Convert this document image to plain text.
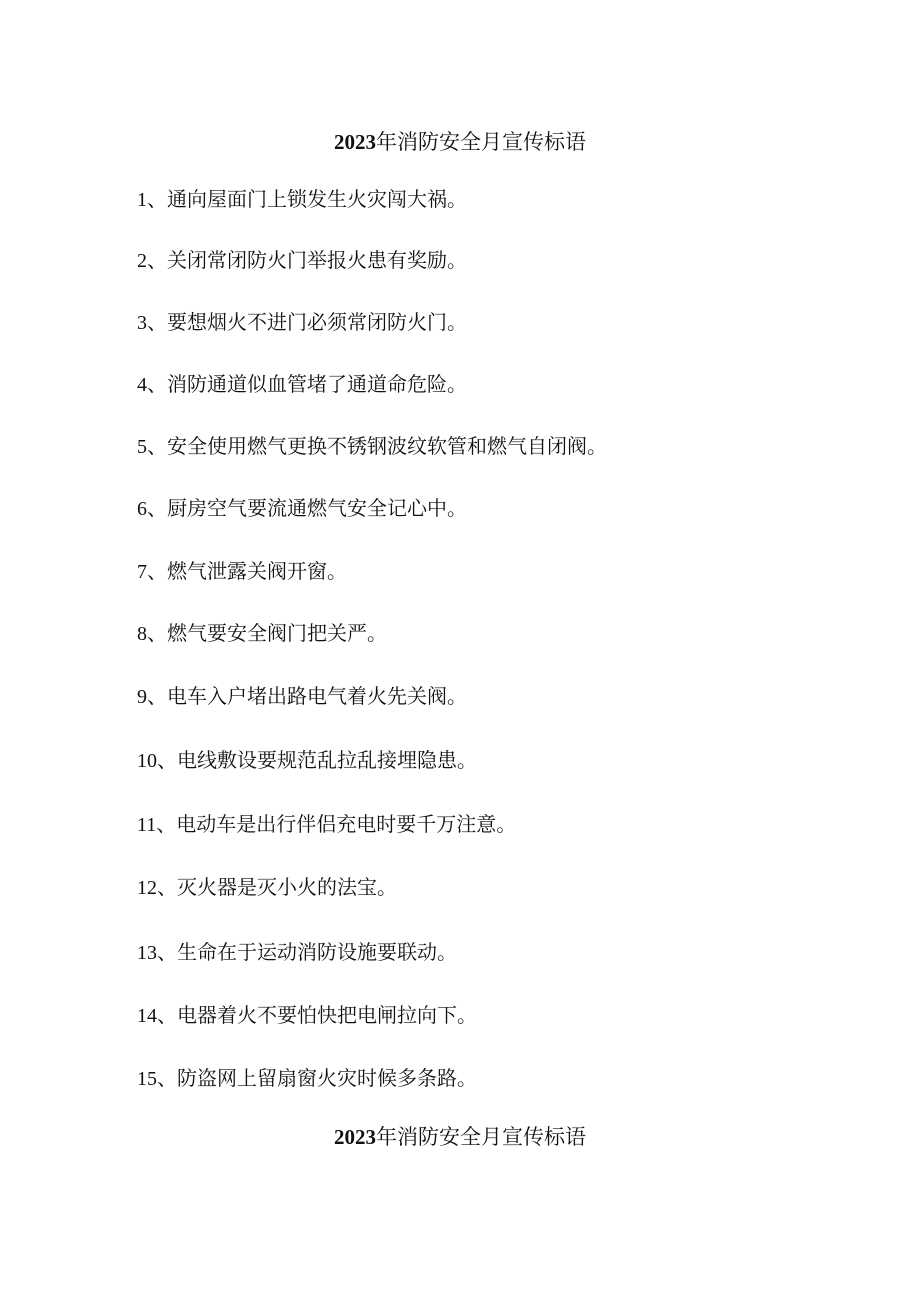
2023年消防安全月宣传标语
1、通向屋面门上锁发生火灾闯大祸。
2、关闭常闭防火门举报火患有奖励。
3、要想烟火不进门必须常闭防火门。
4、消防通道似血管堵了通道命危险。
5、安全使用燃气更换不锈钢波纹软管和燃气自闭阀。
6、厨房空气要流通燃气安全记心中。
7、燃气泄露关阀开窗。
8、燃气要安全阀门把关严。
9、电车入户堵出路电气着火先关阀。
10、电线敷设要规范乱拉乱接埋隐患。
11、电动车是出行伴侣充电时要千万注意。
12、灭火器是灭小火的法宝。
13、生命在于运动消防设施要联动。
14、电器着火不要怕快把电闸拉向下。
15、防盗网上留扇窗火灾时候多条路。
2023年消防安全月宣传标语
